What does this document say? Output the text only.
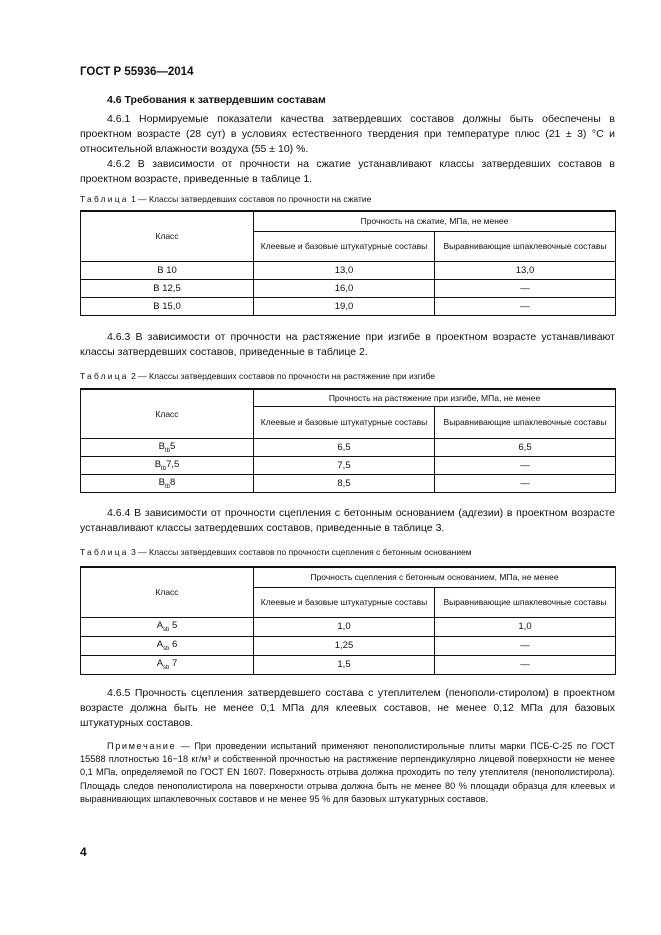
ГОСТ Р 55936—2014
4.6 Требования к затвердевшим составам

4.6.1 Нормируемые показатели качества затвердевших составов должны быть обеспечены в проектном возрасте (28 сут) в условиях естественного твердения при температуре плюс (21 ± 3) °С и относительной влажности воздуха (55 ± 10) %.

4.6.2 В зависимости от прочности на сжатие устанавливают классы затвердевших составов в проектном возрасте, приведенные в таблице 1.

Таблица 1 — Классы затвердевших составов по прочности на сжатие
Класс	Прочность на сжатие, МПа, не менее	
	Клеевые и базовые штукатурные составы	Выравнивающие шпаклевочные составы
В 10	13,0	13,0
В 12,5	16,0	—
В 15,0	19,0	—

4.6.3 В зависимости от прочности на растяжение при изгибе в проектном возрасте устанавливают классы затвердевших составов, приведенные в таблице 2.

Таблица 2 — Классы затвердевших составов по прочности на растяжение при изгибе
Класс	Прочность на растяжение при изгибе, МПа, не менее	
	Клеевые и базовые штукатурные составы	Выравнивающие шпаклевочные составы
$В_{tb}5$	6,5	6,5
$В_{tb}7,5$	7,5	—
$В_{tb}8$	8,5	—

4.6.4 В зависимости от прочности сцепления с бетонным основанием (адгезии) в проектном возрасте устанавливают классы затвердевших составов, приведенные в таблице 3.

Таблица 3 — Классы затвердевших составов по прочности сцепления с бетонным основанием
Класс	Прочность сцепления с бетонным основанием, МПа, не менее	
	Клеевые и базовые штукатурные составы	Выравнивающие шпаклевочные составы
$А_{sb}$ 5	1,0	1,0
$А_{sb}$ 6	1,25	—
$А_{sb}$ 7	1,5	—

4.6.5 Прочность сцепления затвердевшего состава с утеплителем (пенополи-стиролом) в проектном возрасте должна быть не менее 0,1 МПа для клеевых составов, не менее 0,12 МПа для базовых штукатурных составов.

Примечание — При проведении испытаний применяют пенополистирольные плиты марки ПСБ-С-25 по ГОСТ 15588 плотностью 16−18 кг/м³ и собственной прочностью на растяжение перпендикулярно лицевой поверхности не менее 0,1 МПа, определяемой по ГОСТ EN 1607. Поверхность отрыва должна проходить по телу утеплителя (пенополистирола). Площадь следов пенополистирола на поверхности отрыва должна быть не менее 80 % площади образца для клеевых и выравнивающих шпаклевочных составов и не менее 95 % для базовых штукатурных составов.

4
